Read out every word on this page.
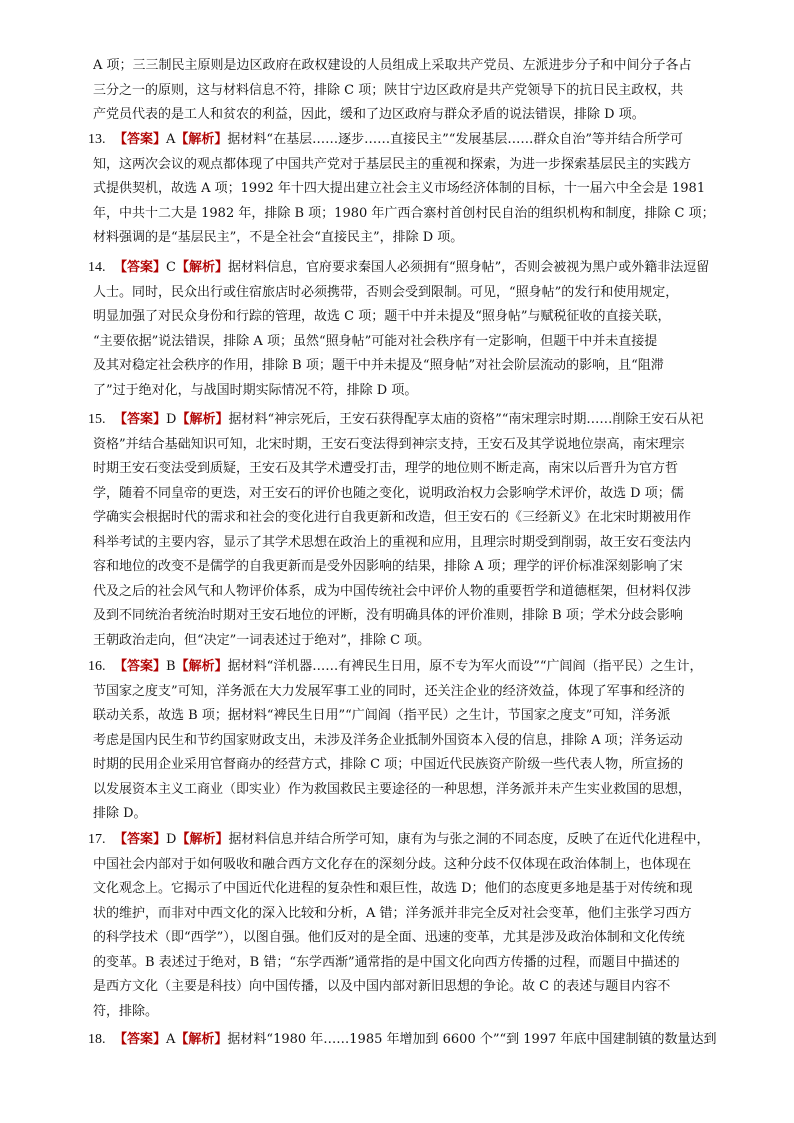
A 项；三三制民主原则是边区政府在政权建设的人员组成上采取共产党员、左派进步分子和中间分子各占
三分之一的原则，这与材料信息不符，排除 C 项；陕甘宁边区政府是共产党领导下的抗日民主政权，共
产党员代表的是工人和贫农的利益，因此，缓和了边区政府与群众矛盾的说法错误，排除 D 项。
13. 【答案】A【解析】据材料“在基层……逐步……直接民主”“发展基层……群众自治”等并结合所学可
知，这两次会议的观点都体现了中国共产党对于基层民主的重视和探索，为进一步探索基层民主的实践方
式提供契机，故选 A 项；1992 年十四大提出建立社会主义市场经济体制的目标，十一届六中全会是 1981
年，中共十二大是 1982 年，排除 B 项；1980 年广西合寨村首创村民自治的组织机构和制度，排除 C 项；
材料强调的是“基层民主”，不是全社会“直接民主”，排除 D 项。
14. 【答案】C【解析】据材料信息，官府要求秦国人必须拥有“照身帖”，否则会被视为黑户或外籍非法逗留
人士。同时，民众出行或住宿旅店时必须携带，否则会受到限制。可见，“照身帖”的发行和使用规定，
明显加强了对民众身份和行踪的管理，故选 C 项；题干中并未提及“照身帖”与赋税征收的直接关联，
“主要依据”说法错误，排除 A 项；虽然“照身帖”可能对社会秩序有一定影响，但题干中并未直接提
及其对稳定社会秩序的作用，排除 B 项；题干中并未提及“照身帖”对社会阶层流动的影响，且“阻滞
了”过于绝对化，与战国时期实际情况不符，排除 D 项。
15. 【答案】D【解析】据材料“神宗死后，王安石获得配享太庙的资格”“南宋理宗时期……削除王安石从祀
资格”并结合基础知识可知，北宋时期，王安石变法得到神宗支持，王安石及其学说地位崇高，南宋理宗
时期王安石变法受到质疑，王安石及其学术遭受打击，理学的地位则不断走高，南宋以后晋升为官方哲
学，随着不同皇帝的更迭，对王安石的评价也随之变化，说明政治权力会影响学术评价，故选 D 项；儒
学确实会根据时代的需求和社会的变化进行自我更新和改造，但王安石的《三经新义》在北宋时期被用作
科举考试的主要内容，显示了其学术思想在政治上的重视和应用，且理宗时期受到削弱，故王安石变法内
容和地位的改变不是儒学的自我更新而是受外因影响的结果，排除 A 项；理学的评价标准深刻影响了宋
代及之后的社会风气和人物评价体系，成为中国传统社会中评价人物的重要哲学和道德框架，但材料仅涉
及到不同统治者统治时期对王安石地位的评断，没有明确具体的评价准则，排除 B 项；学术分歧会影响
王朝政治走向，但“决定”一词表述过于绝对”，排除 C 项。
16. 【答案】B【解析】据材料“洋机器……有裨民生日用，原不专为军火而设”“广闾阎（指平民）之生计，
节国家之度支”可知，洋务派在大力发展军事工业的同时，还关注企业的经济效益，体现了军事和经济的
联动关系，故选 B 项；据材料“裨民生日用”“广闾阎（指平民）之生计，节国家之度支”可知，洋务派
考虑是国内民生和节约国家财政支出，未涉及洋务企业抵制外国资本入侵的信息，排除 A 项；洋务运动
时期的民用企业采用官督商办的经营方式，排除 C 项；中国近代民族资产阶级一些代表人物，所宣扬的
以发展资本主义工商业（即实业）作为救国救民主要途径的一种思想，洋务派并未产生实业救国的思想，
排除 D。
17. 【答案】D【解析】据材料信息并结合所学可知，康有为与张之洞的不同态度，反映了在近代化进程中，
中国社会内部对于如何吸收和融合西方文化存在的深刻分歧。这种分歧不仅体现在政治体制上，也体现在
文化观念上。它揭示了中国近代化进程的复杂性和艰巨性，故选 D；他们的态度更多地是基于对传统和现
状的维护，而非对中西文化的深入比较和分析，A 错；洋务派并非完全反对社会变革，他们主张学习西方
的科学技术（即“西学”），以图自强。他们反对的是全面、迅速的变革，尤其是涉及政治体制和文化传统
的变革。B 表述过于绝对，B 错；“东学西渐”通常指的是中国文化向西方传播的过程，而题目中描述的
是西方文化（主要是科技）向中国传播，以及中国内部对新旧思想的争论。故 C 的表述与题目内容不
符，排除。
18. 【答案】A【解析】据材料“1980 年……1985 年增加到 6600 个”“到 1997 年底中国建制镇的数量达到
